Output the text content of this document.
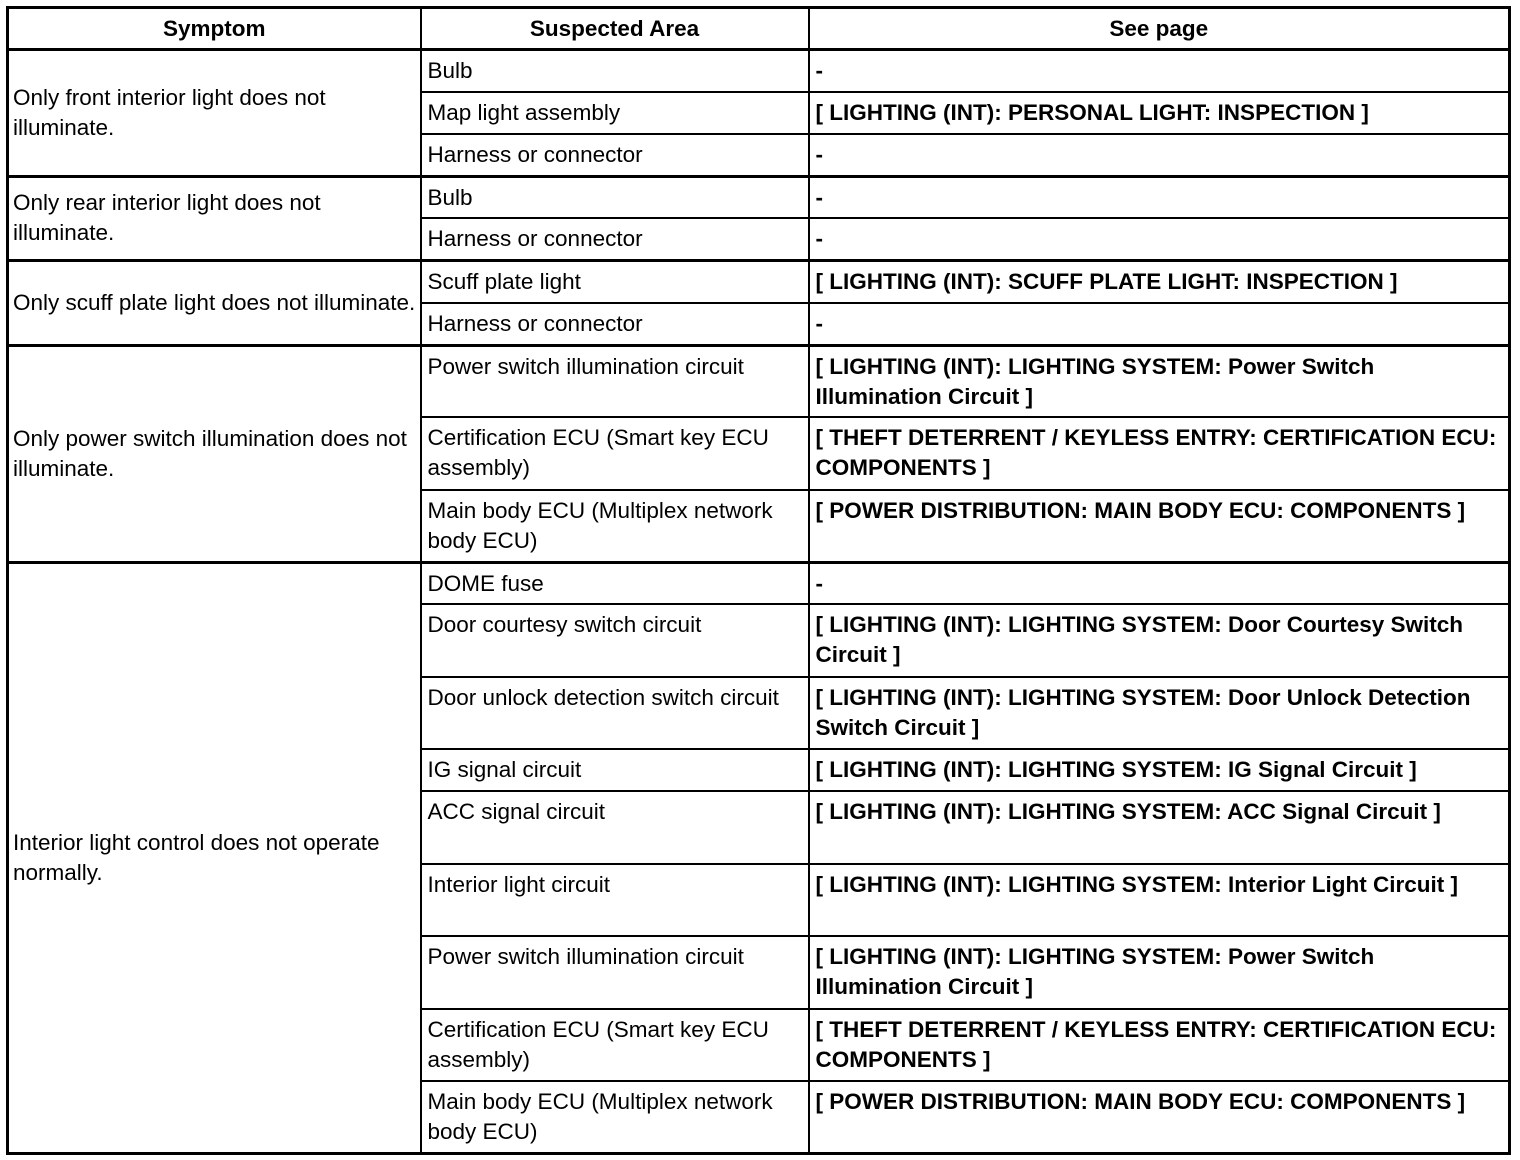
Symptom	Suspected Area	See page
Only front interior light does not illuminate.	Bulb	-
	Map light assembly	[ LIGHTING (INT): PERSONAL LIGHT: INSPECTION ]
	Harness or connector	-
Only rear interior light does not illuminate.	Bulb	-
	Harness or connector	-
Only scuff plate light does not illuminate.	Scuff plate light	[ LIGHTING (INT): SCUFF PLATE LIGHT: INSPECTION ]
	Harness or connector	-
Only power switch illumination does not illuminate.	Power switch illumination circuit	[ LIGHTING (INT): LIGHTING SYSTEM: Power Switch Illumination Circuit ]
	Certification ECU (Smart key ECU assembly)	[ THEFT DETERRENT / KEYLESS ENTRY: CERTIFICATION ECU: COMPONENTS ]
	Main body ECU (Multiplex network body ECU)	[ POWER DISTRIBUTION: MAIN BODY ECU: COMPONENTS ]
Interior light control does not operate normally.	DOME fuse	-
	Door courtesy switch circuit	[ LIGHTING (INT): LIGHTING SYSTEM: Door Courtesy Switch Circuit ]
	Door unlock detection switch circuit	[ LIGHTING (INT): LIGHTING SYSTEM: Door Unlock Detection Switch Circuit ]
	IG signal circuit	[ LIGHTING (INT): LIGHTING SYSTEM: IG Signal Circuit ]
	ACC signal circuit	[ LIGHTING (INT): LIGHTING SYSTEM: ACC Signal Circuit ]
	Interior light circuit	[ LIGHTING (INT): LIGHTING SYSTEM: Interior Light Circuit ]
	Power switch illumination circuit	[ LIGHTING (INT): LIGHTING SYSTEM: Power Switch Illumination Circuit ]
	Certification ECU (Smart key ECU assembly)	[ THEFT DETERRENT / KEYLESS ENTRY: CERTIFICATION ECU: COMPONENTS ]
	Main body ECU (Multiplex network body ECU)	[ POWER DISTRIBUTION: MAIN BODY ECU: COMPONENTS ]
